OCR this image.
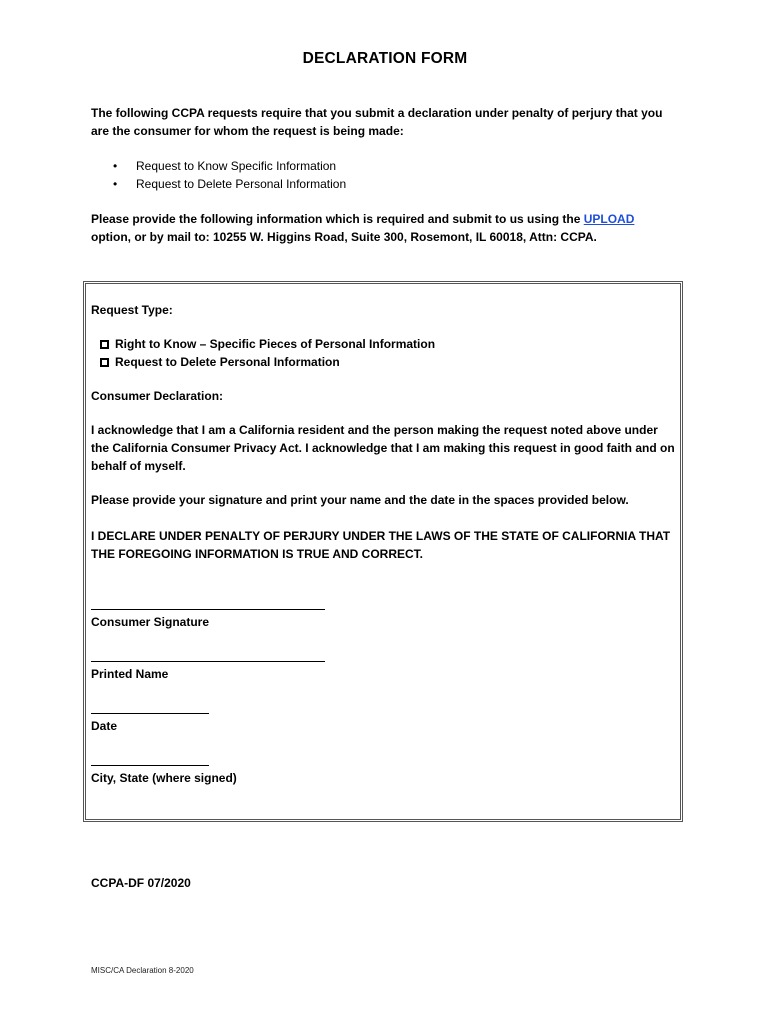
DECLARATION FORM
The following CCPA requests require that you submit a declaration under penalty of perjury that you are the consumer for whom the request is being made:
• Request to Know Specific Information
• Request to Delete Personal Information
Please provide the following information which is required and submit to us using the UPLOAD
option, or by mail to: 10255 W. Higgins Road, Suite 300, Rosemont, IL 60018, Attn: CCPA.
Request Type:
Right to Know – Specific Pieces of Personal Information
Request to Delete Personal Information
Consumer Declaration:
I acknowledge that I am a California resident and the person making the request noted above under the California Consumer Privacy Act. I acknowledge that I am making this request in good faith and on behalf of myself.
Please provide your signature and print your name and the date in the spaces provided below.
I DECLARE UNDER PENALTY OF PERJURY UNDER THE LAWS OF THE STATE OF CALIFORNIA THAT THE FOREGOING INFORMATION IS TRUE AND CORRECT.
Consumer Signature
Printed Name
Date
City, State (where signed)
CCPA-DF 07/2020
MISC/CA Declaration 8-2020
